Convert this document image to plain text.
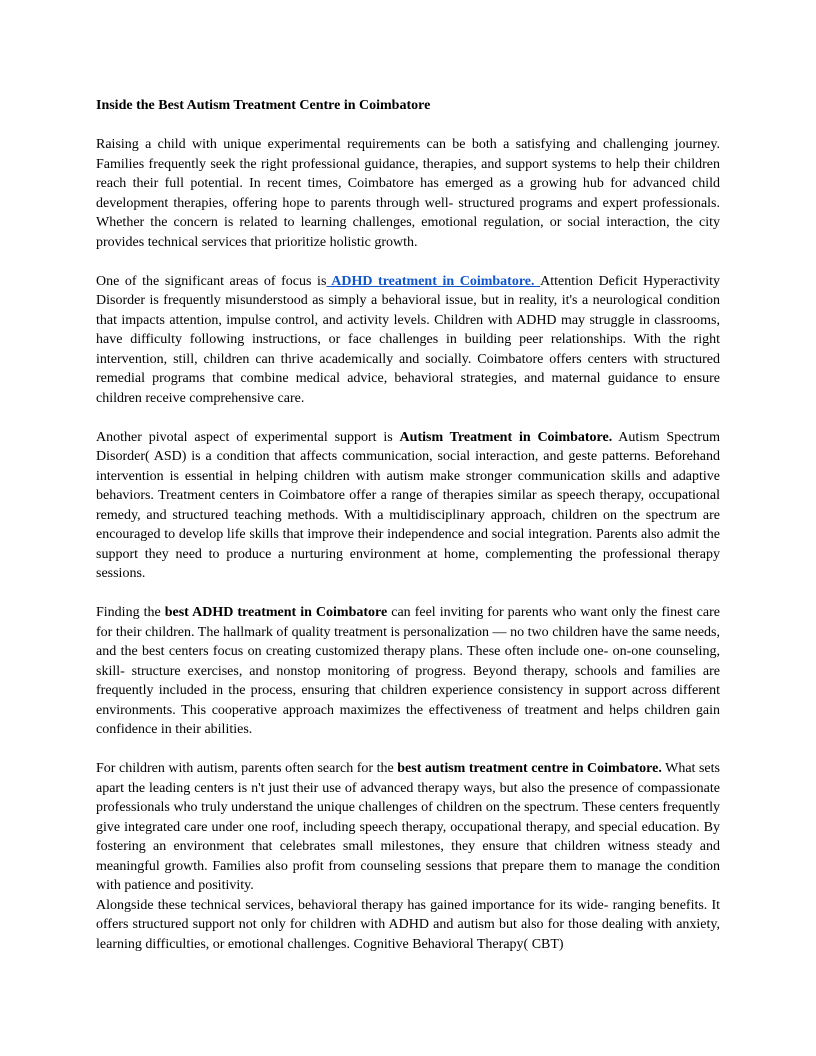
Inside the Best Autism Treatment Centre in Coimbatore

Raising a child with unique experimental requirements can be both a satisfying and challenging journey. Families frequently seek the right professional guidance, therapies, and support systems to help their children reach their full potential. In recent times, Coimbatore has emerged as a growing hub for advanced child development therapies, offering hope to parents through well- structured programs and expert professionals. Whether the concern is related to learning challenges, emotional regulation, or social interaction, the city provides technical services that prioritize holistic growth.

One of the significant areas of focus is ADHD treatment in Coimbatore. Attention Deficit Hyperactivity Disorder is frequently misunderstood as simply a behavioral issue, but in reality, it's a neurological condition that impacts attention, impulse control, and activity levels. Children with ADHD may struggle in classrooms, have difficulty following instructions, or face challenges in building peer relationships. With the right intervention, still, children can thrive academically and socially. Coimbatore offers centers with structured remedial programs that combine medical advice, behavioral strategies, and maternal guidance to ensure children receive comprehensive care.

Another pivotal aspect of experimental support is Autism Treatment in Coimbatore. Autism Spectrum Disorder( ASD) is a condition that affects communication, social interaction, and geste patterns. Beforehand intervention is essential in helping children with autism make stronger communication skills and adaptive behaviors. Treatment centers in Coimbatore offer a range of therapies similar as speech therapy, occupational remedy, and structured teaching methods. With a multidisciplinary approach, children on the spectrum are encouraged to develop life skills that improve their independence and social integration. Parents also admit the support they need to produce a nurturing environment at home, complementing the professional therapy sessions.

Finding the best ADHD treatment in Coimbatore can feel inviting for parents who want only the finest care for their children. The hallmark of quality treatment is personalization — no two children have the same needs, and the best centers focus on creating customized therapy plans. These often include one- on-one counseling, skill- structure exercises, and nonstop monitoring of progress. Beyond therapy, schools and families are frequently included in the process, ensuring that children experience consistency in support across different environments. This cooperative approach maximizes the effectiveness of treatment and helps children gain confidence in their abilities.

For children with autism, parents often search for the best autism treatment centre in Coimbatore. What sets apart the leading centers is n't just their use of advanced therapy ways, but also the presence of compassionate professionals who truly understand the unique challenges of children on the spectrum. These centers frequently give integrated care under one roof, including speech therapy, occupational therapy, and special education. By fostering an environment that celebrates small milestones, they ensure that children witness steady and meaningful growth. Families also profit from counseling sessions that prepare them to manage the condition with patience and positivity.

Alongside these technical services, behavioral therapy has gained importance for its wide- ranging benefits. It offers structured support not only for children with ADHD and autism but also for those dealing with anxiety, learning difficulties, or emotional challenges. Cognitive Behavioral Therapy( CBT)
